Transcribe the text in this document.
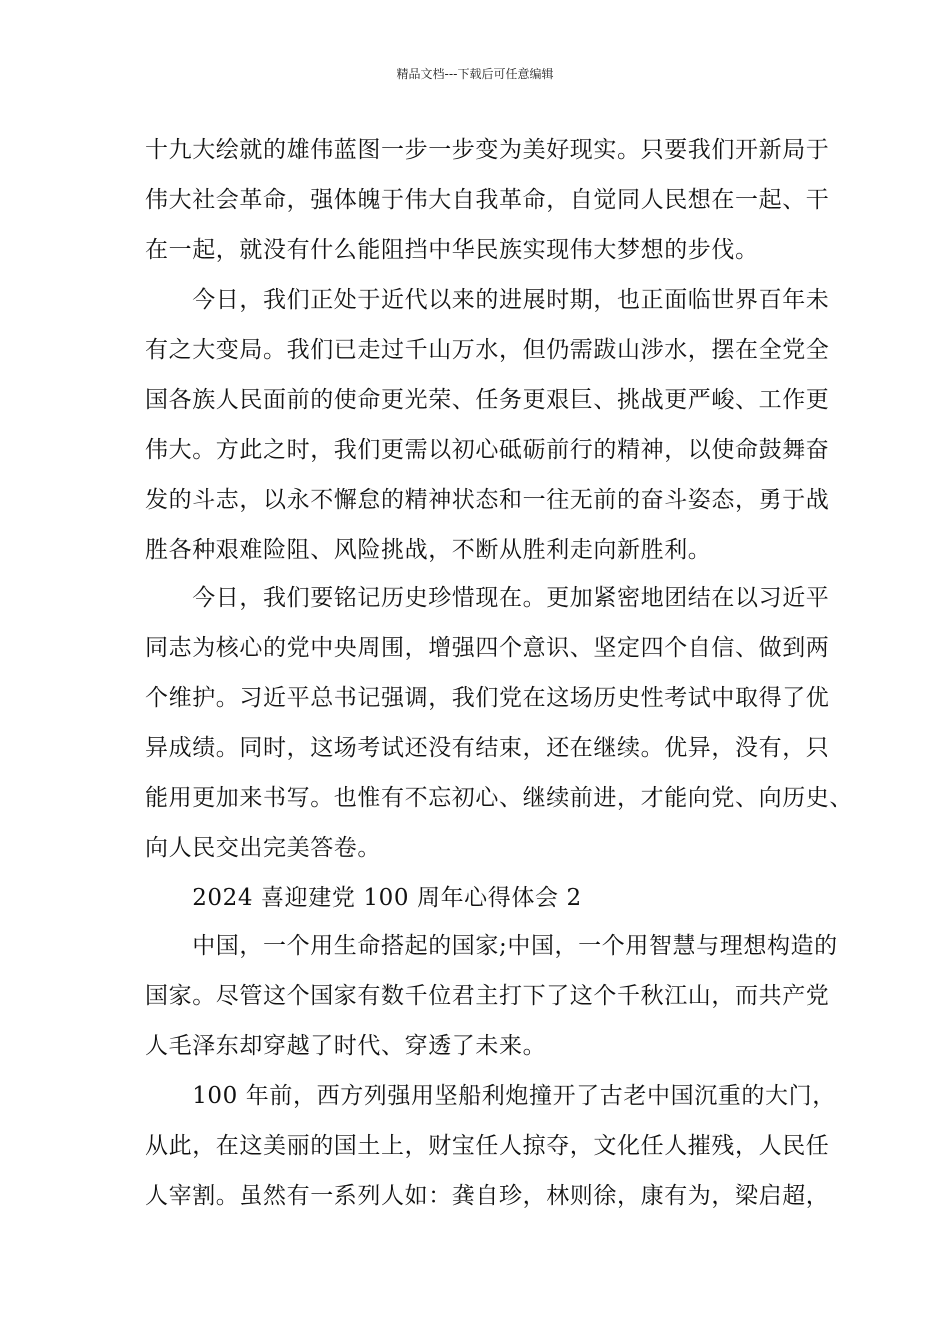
精品文档---下载后可任意编辑
十九大绘就的雄伟蓝图一步一步变为美好现实。只要我们开新局于
伟大社会革命，强体魄于伟大自我革命，自觉同人民想在一起、干
在一起，就没有什么能阻挡中华民族实现伟大梦想的步伐。
　　今日，我们正处于近代以来的进展时期，也正面临世界百年未
有之大变局。我们已走过千山万水，但仍需跋山涉水，摆在全党全
国各族人民面前的使命更光荣、任务更艰巨、挑战更严峻、工作更
伟大。方此之时，我们更需以初心砥砺前行的精神，以使命鼓舞奋
发的斗志，以永不懈怠的精神状态和一往无前的奋斗姿态，勇于战
胜各种艰难险阻、风险挑战，不断从胜利走向新胜利。
　　今日，我们要铭记历史珍惜现在。更加紧密地团结在以习近平
同志为核心的党中央周围，增强四个意识、坚定四个自信、做到两
个维护。习近平总书记强调，我们党在这场历史性考试中取得了优
异成绩。同时，这场考试还没有结束，还在继续。优异，没有，只
能用更加来书写。也惟有不忘初心、继续前进，才能向党、向历史、
向人民交出完美答卷。
　　2024 喜迎建党 100 周年心得体会 2
　　中国，一个用生命搭起的国家;中国，一个用智慧与理想构造的
国家。尽管这个国家有数千位君主打下了这个千秋江山，而共产党
人毛泽东却穿越了时代、穿透了未来。
　　100 年前，西方列强用坚船利炮撞开了古老中国沉重的大门，
从此，在这美丽的国土上，财宝任人掠夺，文化任人摧残，人民任
人宰割。虽然有一系列人如：龚自珍，林则徐，康有为，梁启超，
